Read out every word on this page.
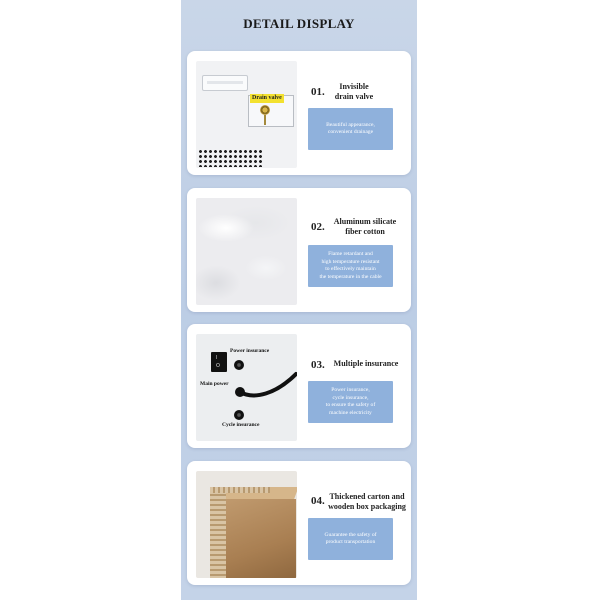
DETAIL DISPLAY
Drain valve	01.	Invisible
drain valve
Beautiful appearance,
convenient drainage
02.	Aluminum silicate
fiber cotton
Flame retardant and
high temperature resistant
to effectively maintain
the temperature in the cable
I
O
Power insurance
Main power
Cycle insurance
03.	Multiple insurance
Power insurance,
cycle insurance,
to ensure the safety of
machine electricity
04. Thickened carton and
wooden box packaging
Guarantee the safety of
product transportation
